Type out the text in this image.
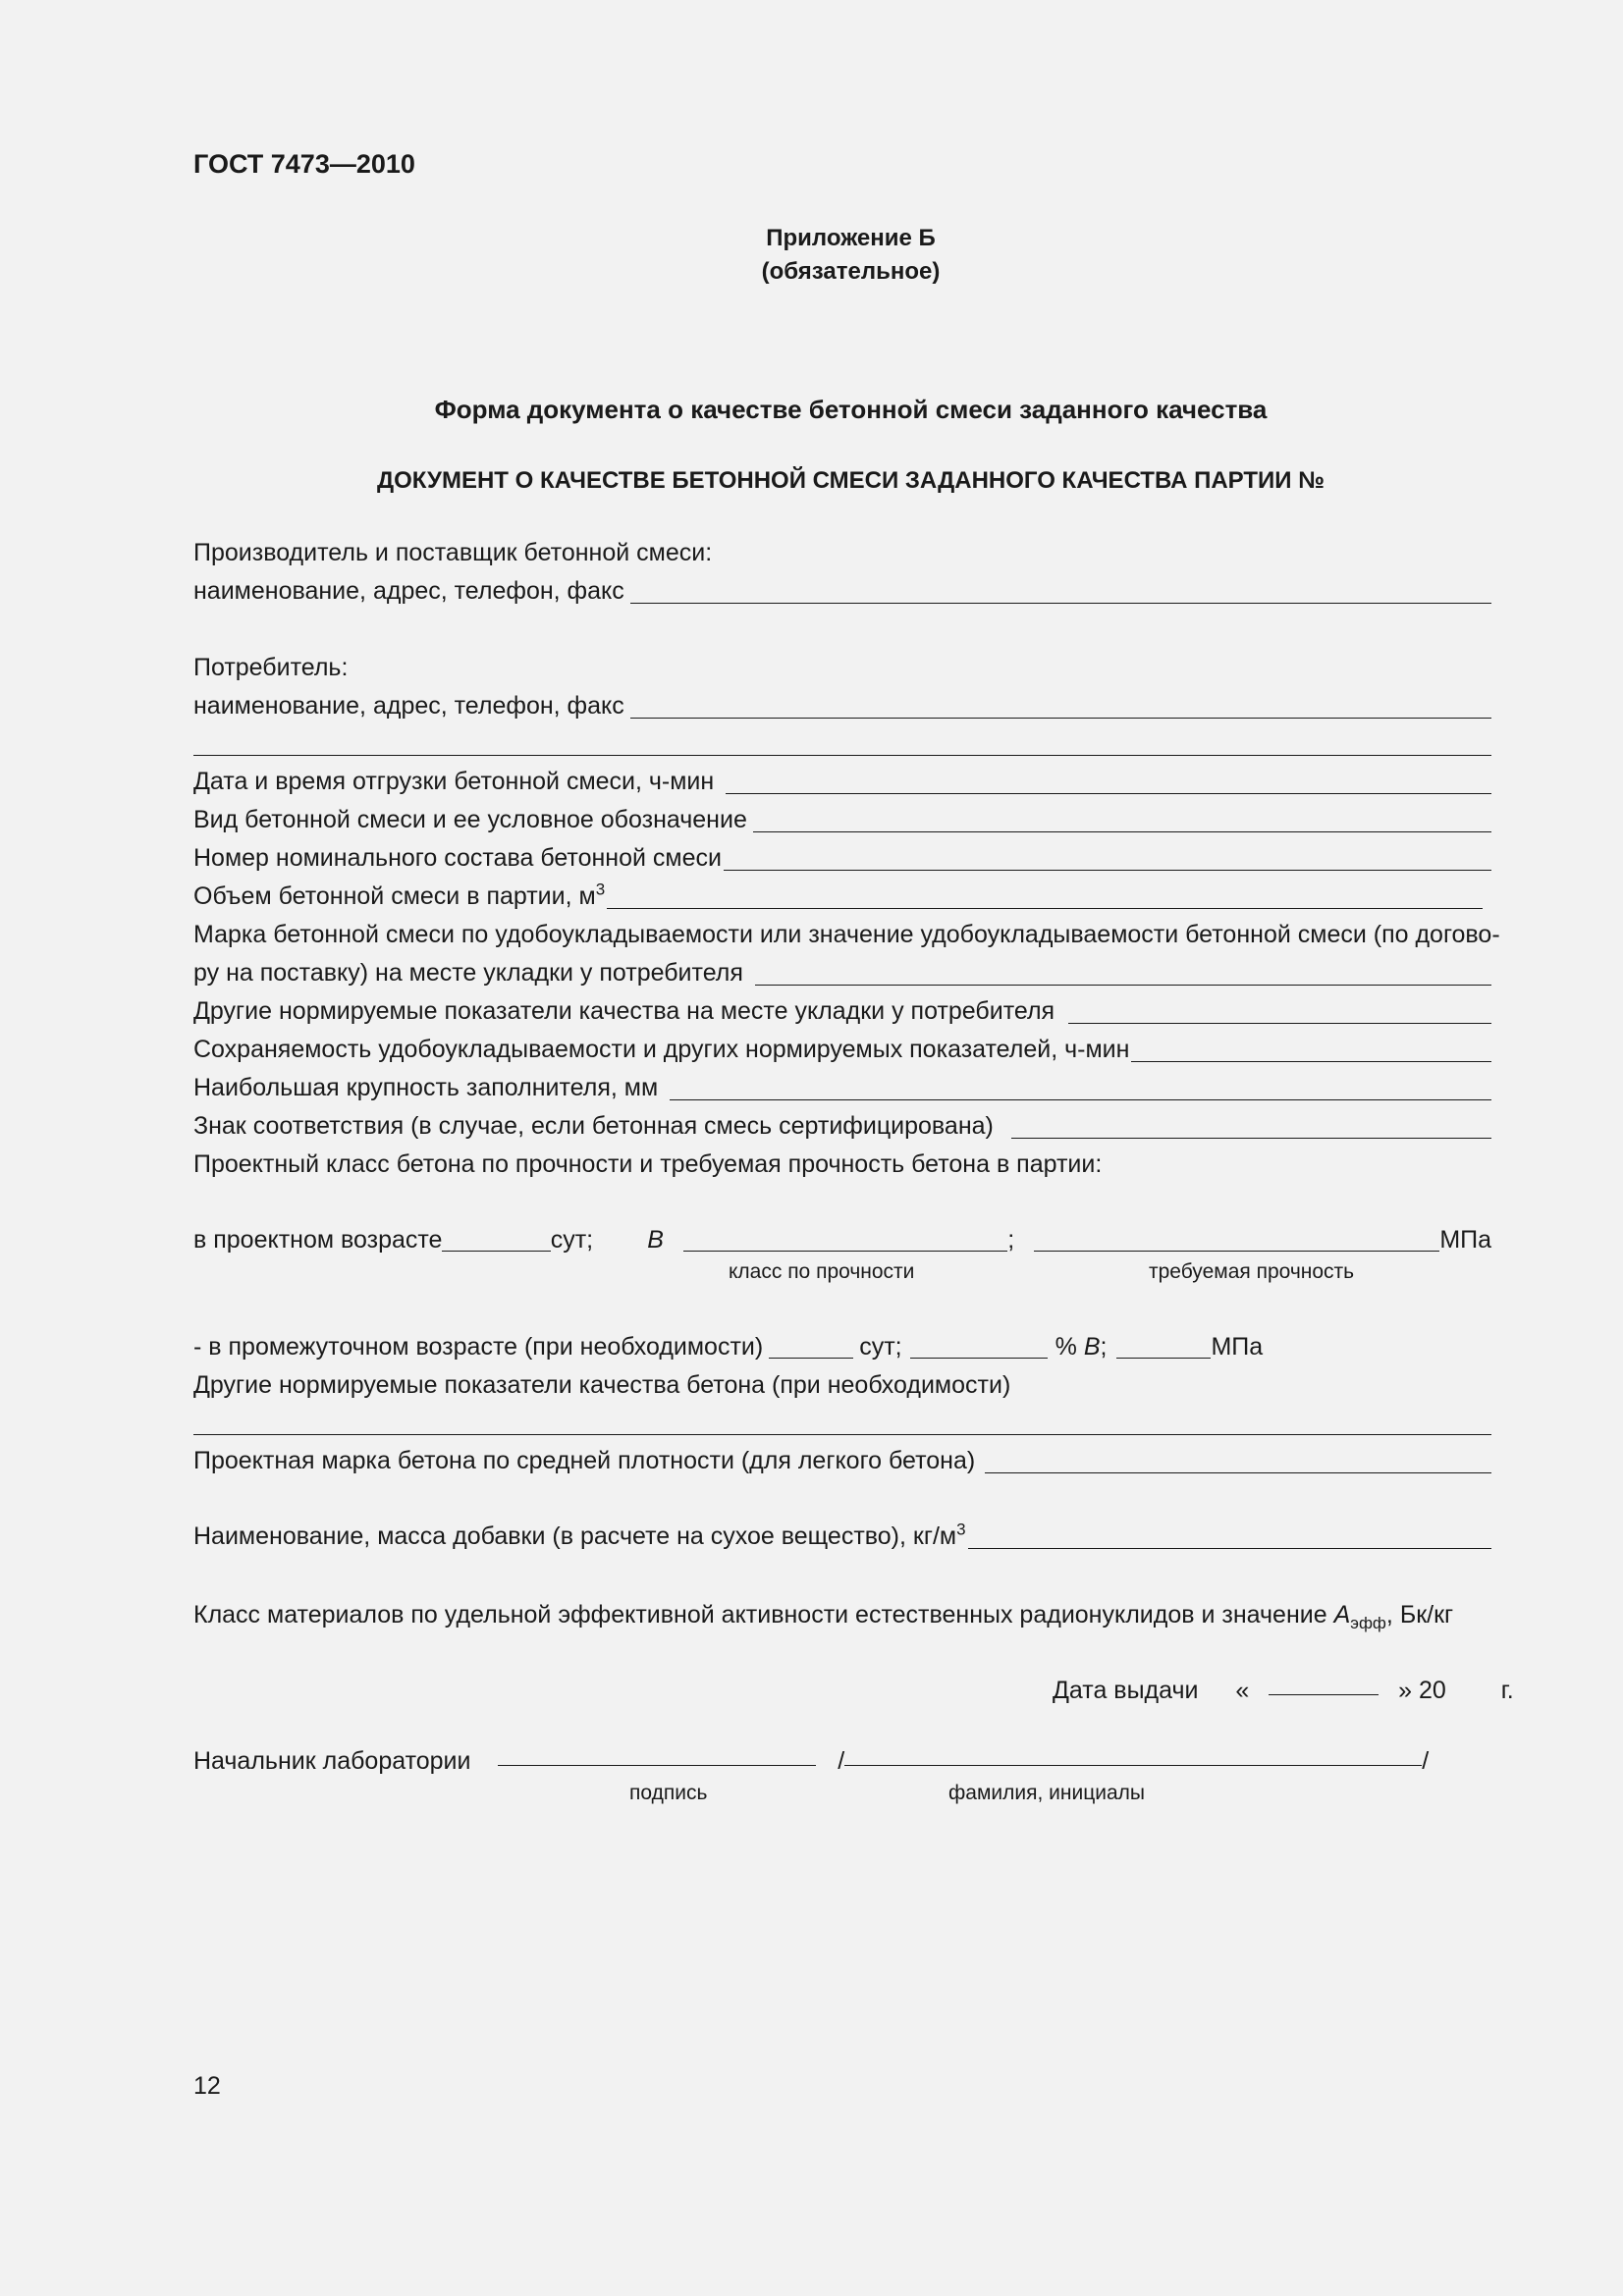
ГОСТ 7473—2010
Приложение Б
(обязательное)
Форма документа о качестве бетонной смеси заданного качества
ДОКУМЕНТ О КАЧЕСТВЕ БЕТОННОЙ СМЕСИ ЗАДАННОГО КАЧЕСТВА ПАРТИИ №
Производитель и поставщик бетонной смеси:
наименование, адрес, телефон, факс
Потребитель:
наименование, адрес, телефон, факс
Дата и время отгрузки бетонной смеси, ч-мин
Вид бетонной смеси и ее условное обозначение
Номер номинального состава бетонной смеси
Объем бетонной смеси в партии, $м^3$
Марка бетонной смеси по удобоукладываемости или значение удобоукладываемости бетонной смеси (по догово-
ру на поставку) на месте укладки у потребителя
Другие нормируемые показатели качества на месте укладки у потребителя
Сохраняемость удобоукладываемости и других нормируемых показателей, ч-мин
Наибольшая крупность заполнителя, мм
Знак соответствия (в случае, если бетонная смесь сертифицирована)
Проектный класс бетона по прочности и требуемая прочность бетона в партии:
в проектном возрасте	сут; B	;	МПа
класс по прочности	требуемая прочность
- в промежуточном возрасте (при необходимости)	сут;	% B ;	МПа
Другие нормируемые показатели качества бетона (при необходимости)
Проектная марка бетона по средней плотности (для легкого бетона)
Наименование, масса добавки (в расчете на сухое вещество), $кг/м^3$
Класс материалов по удельной эффективной активности естественных радионуклидов и значение $A_{эфф}$, Бк/кг
Дата выдачи «	» 20 г.
Начальник лаборатории	/	/
подпись	фамилия, инициалы
12
